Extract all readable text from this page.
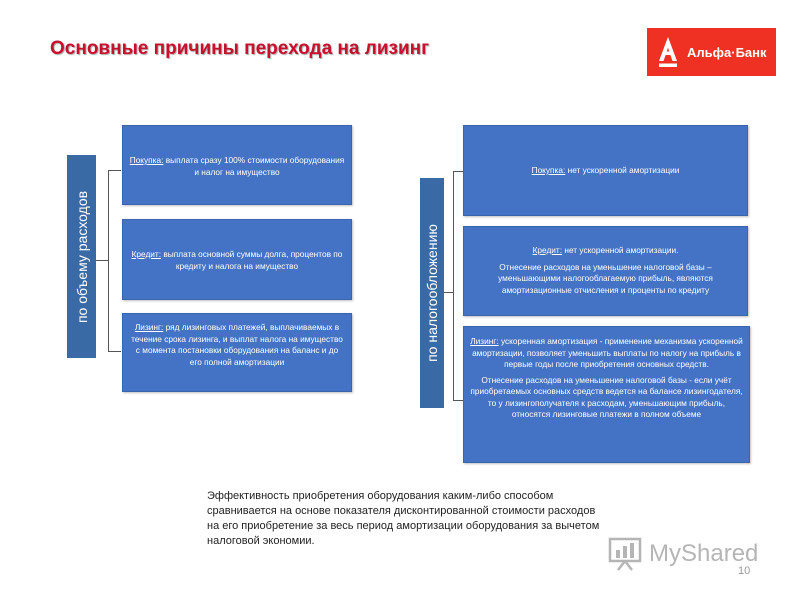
Основные причины перехода на лизинг	Альфа·Банк
по объему расходов
Покупка: выплата сразу 100% стоимости оборудования и налог на имущество
Кредит: выплата основной суммы долга, процентов по кредиту и налога на имущество
Лизинг: ряд лизинговых платежей, выплачиваемых в течение срока лизинга, и выплат налога на имущество с момента постановки оборудования на баланс и до его полной амортизации	по налогообложению
Покупка: нет ускоренной амортизации

Кредит: нет ускоренной амортизации.

Отнесение расходов на уменьшение налоговой базы – уменьшающими налогооблагаемую прибыль, являются амортизационные отчисления и проценты по кредиту

Лизинг: ускоренная амортизация - применение механизма ускоренной амортизации, позволяет уменьшить выплаты по налогу на прибыль в первые годы после приобретения основных средств.

Отнесение расходов на уменьшение налоговой базы - если учёт приобретаемых основных средств ведется на балансе лизингодателя, то у лизингополучателя к расходам, уменьшающим прибыль, относятся лизинговые платежи в полном объеме

Эффективность приобретения оборудования каким-либо способом сравнивается на основе показателя дисконтированной стоимости расходов на его приобретение за весь период амортизации оборудования за вычетом налоговой экономии.	MyShared
10
